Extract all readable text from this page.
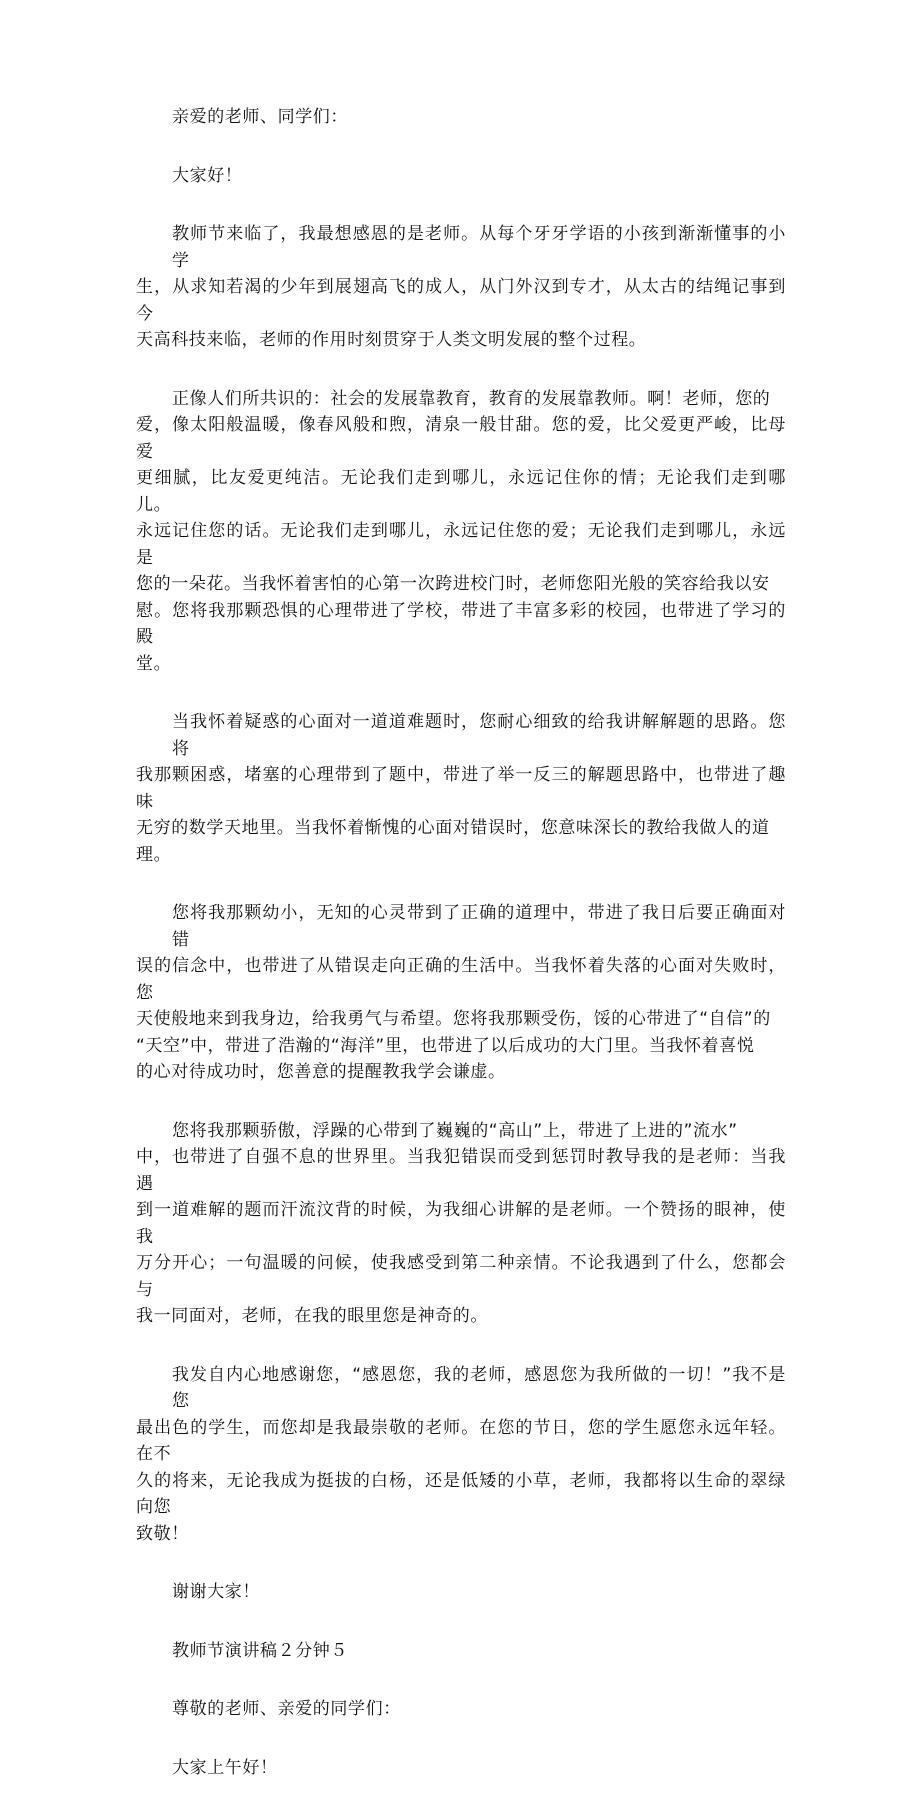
亲爱的老师、同学们：

大家好！

教师节来临了，我最想感恩的是老师。从每个牙牙学语的小孩到渐渐懂事的小学
生，从求知若渴的少年到展翅高飞的成人，从门外汉到专才，从太古的结绳记事到今
天高科技来临，老师的作用时刻贯穿于人类文明发展的整个过程。

正像人们所共识的：社会的发展靠教育，教育的发展靠教师。啊！老师，您的
爱，像太阳般温暖，像春风般和煦，清泉一般甘甜。您的爱，比父爱更严峻，比母爱
更细腻，比友爱更纯洁。无论我们走到哪儿，永远记住你的情；无论我们走到哪儿。
永远记住您的话。无论我们走到哪儿，永远记住您的爱；无论我们走到哪儿，永远是
您的一朵花。当我怀着害怕的心第一次跨进校门时，老师您阳光般的笑容给我以安
慰。您将我那颗恐惧的心理带进了学校，带进了丰富多彩的校园，也带进了学习的殿
堂。

当我怀着疑惑的心面对一道道难题时，您耐心细致的给我讲解解题的思路。您将
我那颗困惑，堵塞的心理带到了题中，带进了举一反三的解题思路中，也带进了趣味
无穷的数学天地里。当我怀着惭愧的心面对错误时，您意味深长的教给我做人的道
理。

您将我那颗幼小，无知的心灵带到了正确的道理中，带进了我日后要正确面对错
误的信念中，也带进了从错误走向正确的生活中。当我怀着失落的心面对失败时，您
天使般地来到我身边，给我勇气与希望。您将我那颗受伤，馁的心带进了“自信”的
“天空”中，带进了浩瀚的“海洋”里，也带进了以后成功的大门里。当我怀着喜悦
的心对待成功时，您善意的提醒教我学会谦虚。

您将我那颗骄傲，浮躁的心带到了巍巍的“高山”上，带进了上进的”流水”
中，也带进了自强不息的世界里。当我犯错误而受到惩罚时教导我的是老师：当我遇
到一道难解的题而汗流汶背的时候，为我细心讲解的是老师。一个赞扬的眼神，使我
万分开心；一句温暖的问候，使我感受到第二种亲情。不论我遇到了什么，您都会与
我一同面对，老师，在我的眼里您是神奇的。

我发自内心地感谢您，“感恩您，我的老师，感恩您为我所做的一切！”我不是您
最出色的学生，而您却是我最崇敬的老师。在您的节日，您的学生愿您永远年轻。在不
久的将来，无论我成为挺拔的白杨，还是低矮的小草，老师，我都将以生命的翠绿向您
致敬！

谢谢大家！

教师节演讲稿２分钟５

尊敬的老师、亲爱的同学们：

大家上午好！
